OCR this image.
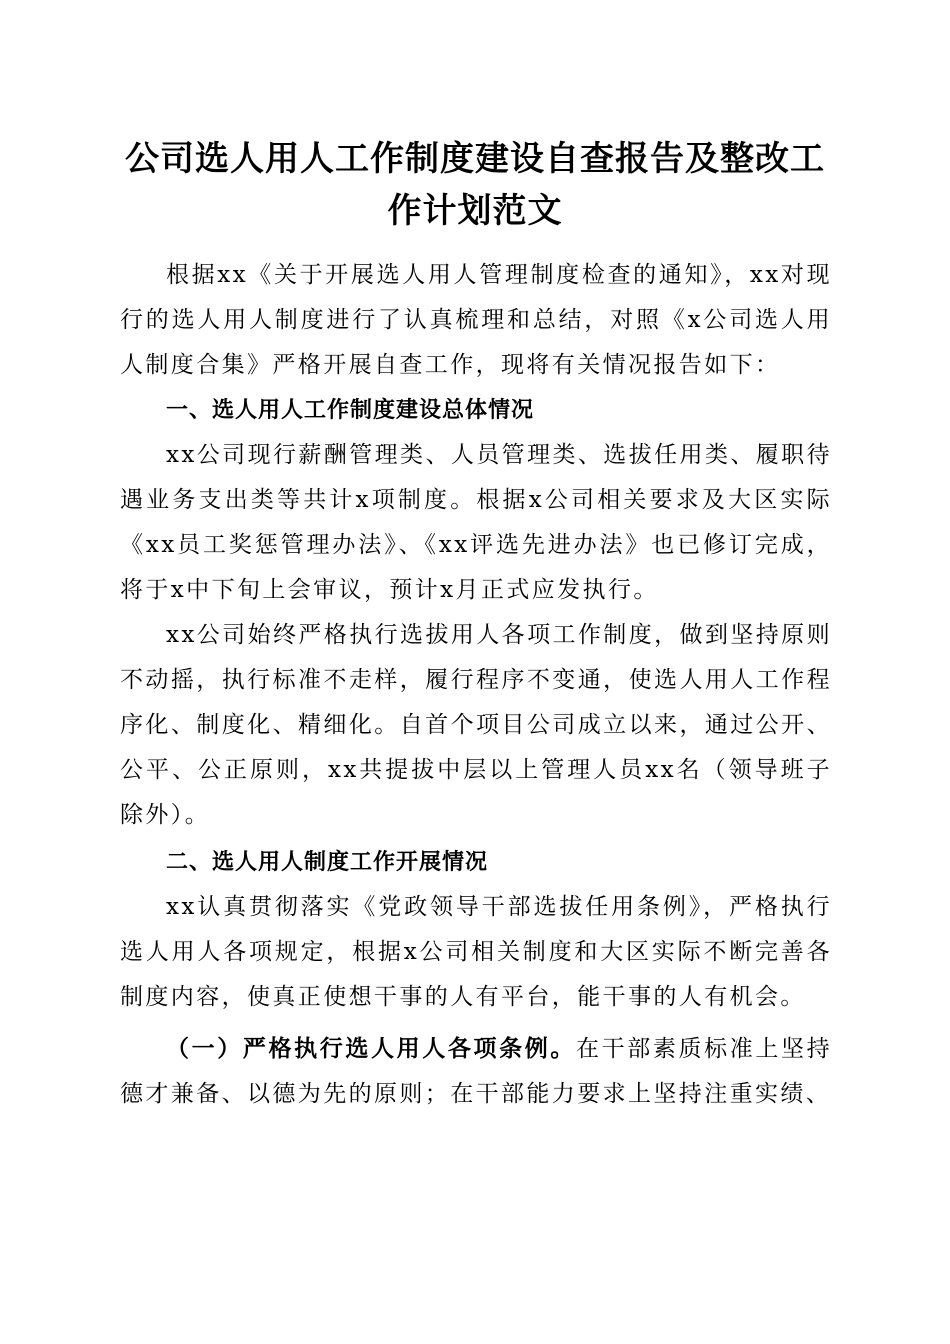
公司选人用人工作制度建设自查报告及整改工
作计划范文

根据xx《关于开展选人用人管理制度检查的通知》，xx对现行的选人用人制度进行了认真梳理和总结，对照《x公司选人用人制度合集》严格开展自查工作，现将有关情况报告如下：

一、选人用人工作制度建设总体情况

xx公司现行薪酬管理类、人员管理类、选拔任用类、履职待遇业务支出类等共计x项制度。根据x公司相关要求及大区实际《xx员工奖惩管理办法》、《xx评选先进办法》也已修订完成，将于x中下旬上会审议，预计x月正式应发执行。

xx公司始终严格执行选拔用人各项工作制度，做到坚持原则不动摇，执行标准不走样，履行程序不变通，使选人用人工作程序化、制度化、精细化。自首个项目公司成立以来，通过公开、公平、公正原则，xx共提拔中层以上管理人员xx名（领导班子除外）。

二、选人用人制度工作开展情况

xx认真贯彻落实《党政领导干部选拔任用条例》，严格执行选人用人各项规定，根据x公司相关制度和大区实际不断完善各制度内容，使真正使想干事的人有平台，能干事的人有机会。

（一）严格执行选人用人各项条例。在干部素质标准上坚持德才兼备、以德为先的原则；在干部能力要求上坚持注重实绩、
